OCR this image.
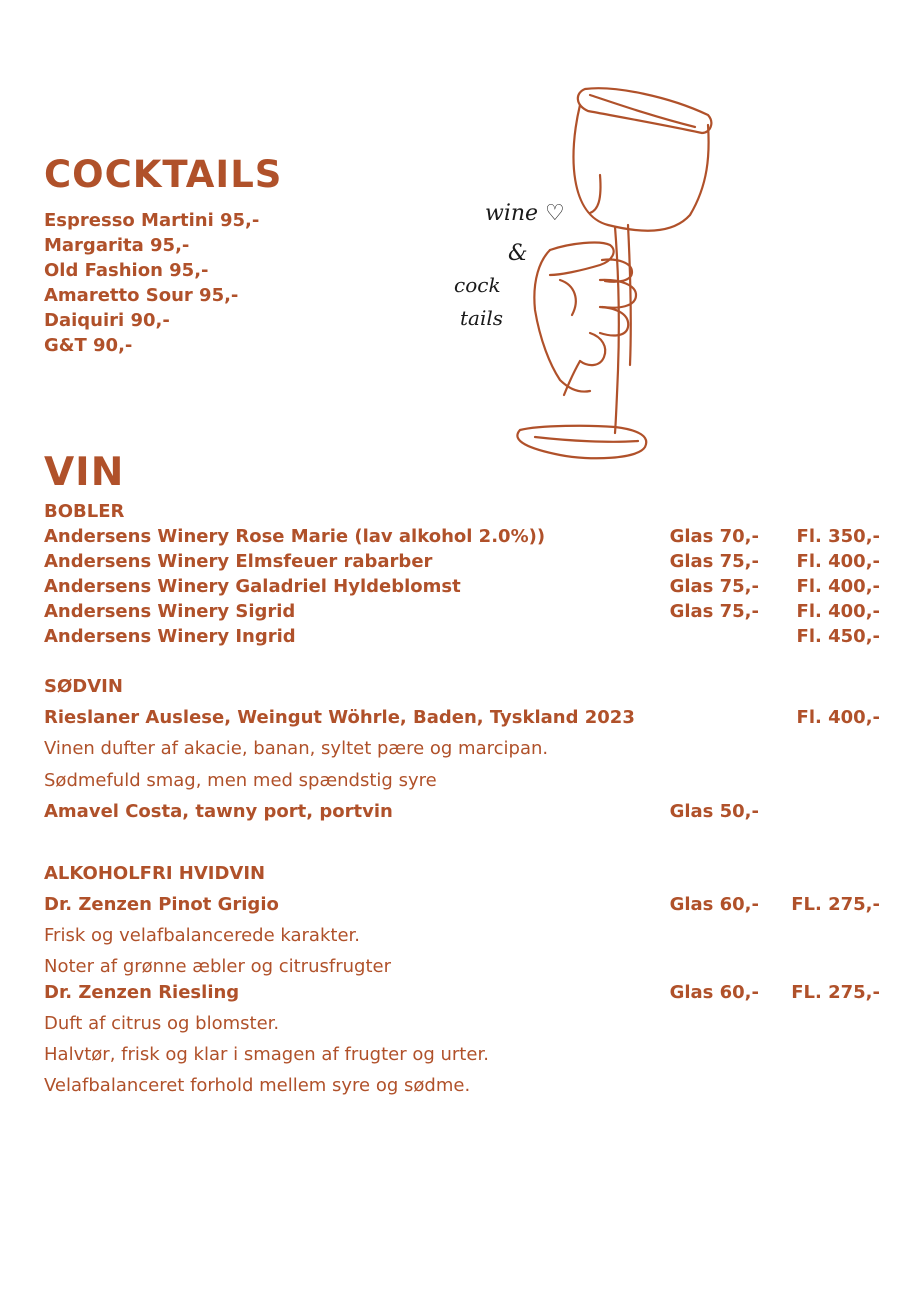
COCKTAILS
Espresso Martini 95,-
Margarita 95,-
Old Fashion 95,-
Amaretto Sour 95,-
Daiquiri 90,-
G&T 90,-
wine ♡
&
cock
tails
VIN
BOBLER
Andersens Winery Rose Marie (lav alkohol 2.0%))	Glas 70,- Fl. 350,-
Andersens Winery Elmsfeuer rabarber	Glas 75,- Fl. 400,-
Andersens Winery Galadriel Hyldeblomst	Glas 75,- Fl. 400,-
Andersens Winery Sigrid	Glas 75,- Fl. 400,-
Andersens Winery Ingrid	Fl. 450,-
SØDVIN
Rieslaner Auslese, Weingut Wöhrle, Baden, Tyskland 2023	Fl. 400,-
Vinen dufter af akacie, banan, syltet pære og marcipan.
Sødmefuld smag, men med spændstig syre
Amavel Costa, tawny port, portvin	Glas 50,-
ALKOHOLFRI HVIDVIN
Dr. Zenzen Pinot Grigio	Glas 60,- FL. 275,-
Frisk og velafbalancerede karakter.
Noter af grønne æbler og citrusfrugter
Dr. Zenzen Riesling	Glas 60,- FL. 275,-
Duft af citrus og blomster.
Halvtør, frisk og klar i smagen af frugter og urter.
Velafbalanceret forhold mellem syre og sødme.
